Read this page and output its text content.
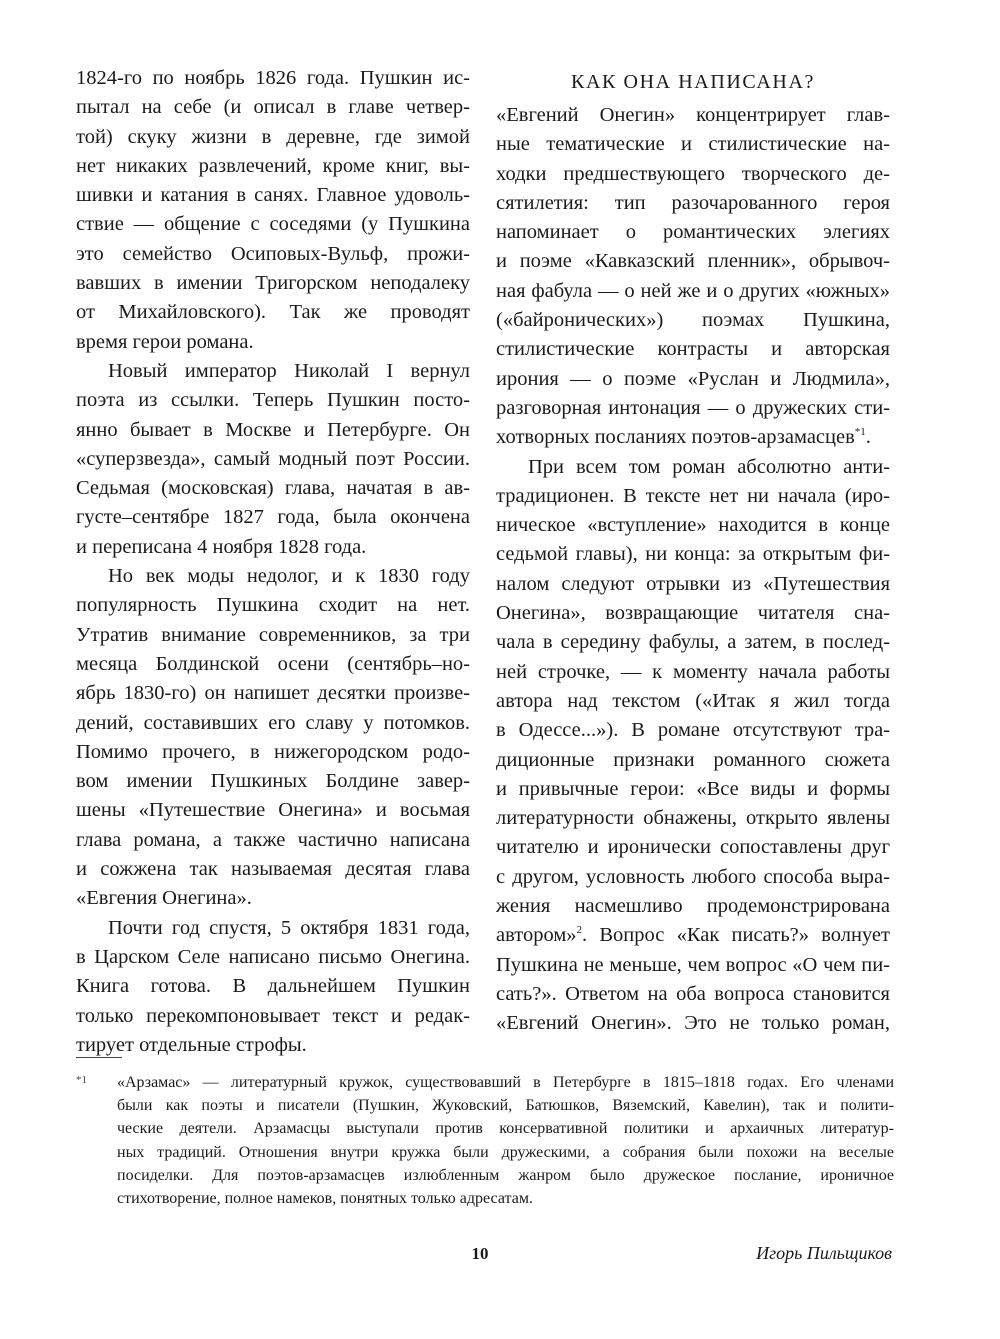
1824-го по ноябрь 1826 года. Пушкин ис-
пытал на себе (и описал в главе четвер-
той) скуку жизни в деревне, где зимой
нет никаких развлечений, кроме книг, вы-
шивки и катания в санях. Главное удоволь-
ствие — общение с соседями (у Пушкина
это семейство Осиповых-Вульф, прожи-
вавших в имении Тригорском неподалеку
от Михайловского). Так же проводят
время герои романа.
Новый император Николай I вернул
поэта из ссылки. Теперь Пушкин посто-
янно бывает в Москве и Петербурге. Он
«суперзвезда», самый модный поэт России.
Седьмая (московская) глава, начатая в ав-
густе–сентябре 1827 года, была окончена
и переписана 4 ноября 1828 года.
Но век моды недолог, и к 1830 году
популярность Пушкина сходит на нет.
Утратив внимание современников, за три
месяца Болдинской осени (сентябрь–но-
ябрь 1830-го) он напишет десятки произве-
дений, составивших его славу у потомков.
Помимо прочего, в нижегородском родо-
вом имении Пушкиных Болдине завер-
шены «Путешествие Онегина» и восьмая
глава романа, а также частично написана
и сожжена так называемая десятая глава
«Евгения Онегина».
Почти год спустя, 5 октября 1831 года,
в Царском Селе написано письмо Онегина.
Книга готова. В дальнейшем Пушкин
только перекомпоновывает текст и редак-
тирует отдельные строфы.
КАК ОНА НАПИСАНА?
«Евгений Онегин» концентрирует глав-
ные тематические и стилистические на-
ходки предшествующего творческого де-
сятилетия: тип разочарованного героя
напоминает о романтических элегиях
и поэме «Кавказский пленник», обрывоч-
ная фабула — о ней же и о других «южных»
(«байронических») поэмах Пушкина,
стилистические контрасты и авторская
ирония — о поэме «Руслан и Людмила»,
разговорная интонация — о дружеских сти-
хотворных посланиях поэтов-арзамасцев$^{*1}$.
При всем том роман абсолютно анти-
традиционен. В тексте нет ни начала (иро-
ническое «вступление» находится в конце
седьмой главы), ни конца: за открытым фи-
налом следуют отрывки из «Путешествия
Онегина», возвращающие читателя сна-
чала в середину фабулы, а затем, в послед-
ней строчке, — к моменту начала работы
автора над текстом («Итак я жил тогда
в Одессе...»). В романе отсутствуют тра-
диционные признаки романного сюжета
и привычные герои: «Все виды и формы
литературности обнажены, открыто явлены
читателю и иронически сопоставлены друг
с другом, условность любого способа выра-
жения насмешливо продемонстрирована
автором»$^2$. Вопрос «Как писать?» волнует
Пушкина не меньше, чем вопрос «О чем пи-
сать?». Ответом на оба вопроса становится
«Евгений Онегин». Это не только роман,
*1 «Арзамас» — литературный кружок, существовавший в Петербурге в 1815–1818 годах. Его членами
были как поэты и писатели (Пушкин, Жуковский, Батюшков, Вяземский, Кавелин), так и полити-
ческие деятели. Арзамасцы выступали против консервативной политики и архаичных литератур-
ных традиций. Отношения внутри кружка были дружескими, а собрания были похожи на веселые
посиделки. Для поэтов-арзамасцев излюбленным жанром было дружеское послание, ироничное
стихотворение, полное намеков, понятных только адресатам.
10	Игорь Пильщиков
